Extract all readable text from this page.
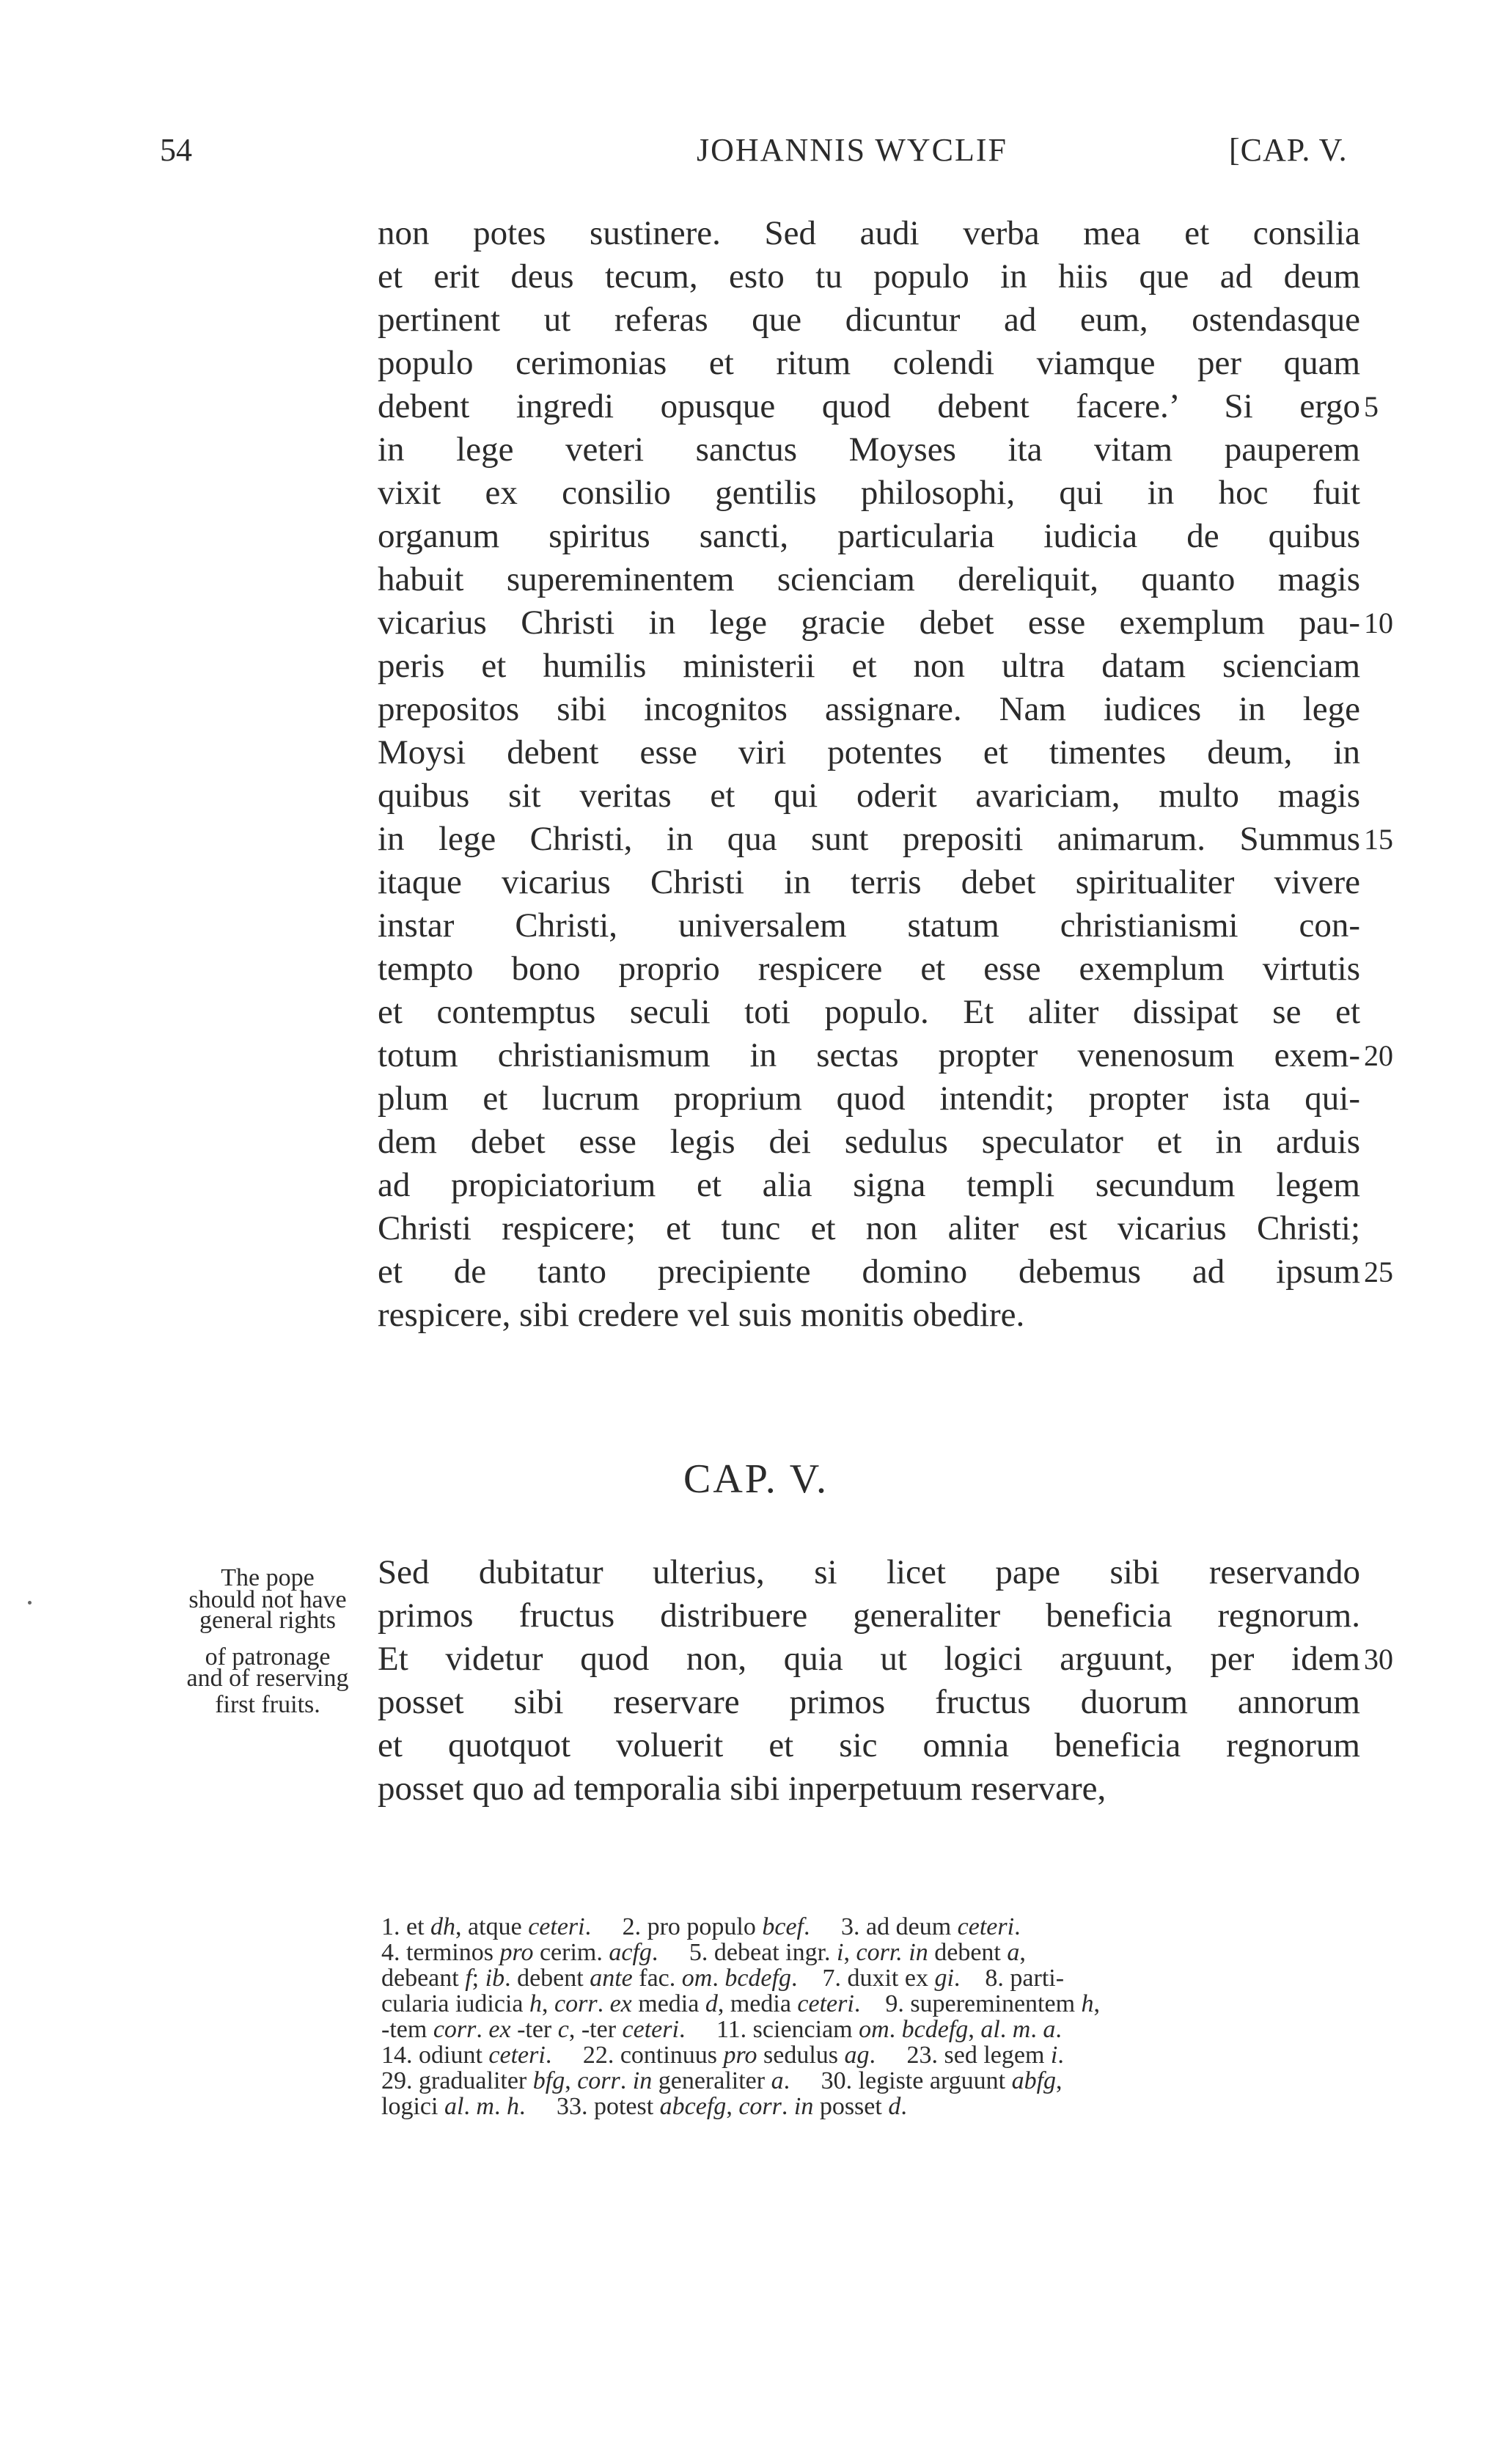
54	JOHANNIS WYCLIF	[CAP. V.
non potes sustinere. Sed audi verba mea et consilia
et erit deus tecum, esto tu populo in hiis que ad deum
pertinent ut referas que dicuntur ad eum, ostendasque
populo cerimonias et ritum colendi viamque per quam
debent ingredi opusque quod debent facere.’ Si ergo
in lege veteri sanctus Moyses ita vitam pauperem
vixit ex consilio gentilis philosophi, qui in hoc fuit
organum spiritus sancti, particularia iudicia de quibus
habuit supereminentem scienciam dereliquit, quanto magis
vicarius Christi in lege gracie debet esse exemplum pau-
peris et humilis ministerii et non ultra datam scienciam
prepositos sibi incognitos assignare. Nam iudices in lege
Moysi debent esse viri potentes et timentes deum, in
quibus sit veritas et qui oderit avariciam, multo magis
in lege Christi, in qua sunt prepositi animarum. Summus
itaque vicarius Christi in terris debet spiritualiter vivere
instar Christi, universalem statum christianismi con-
tempto bono proprio respicere et esse exemplum virtutis
et contemptus seculi toti populo. Et aliter dissipat se et
totum christianismum in sectas propter venenosum exem-
plum et lucrum proprium quod intendit; propter ista qui-
dem debet esse legis dei sedulus speculator et in arduis
ad propiciatorium et alia signa templi secundum legem
Christi respicere; et tunc et non aliter est vicarius Christi;
et de tanto precipiente domino debemus ad ipsum
respicere, sibi credere vel suis monitis obedire.
5
10
15
20
25
CAP. V.
The pope
should not have
general rights
of patronage
and of reserving
first fruits.
Sed dubitatur ulterius, si licet pape sibi reservando
primos fructus distribuere generaliter beneficia regnorum.
Et videtur quod non, quia ut logici arguunt, per idem
posset sibi reservare primos fructus duorum annorum
et quotquot voluerit et sic omnia beneficia regnorum
posset quo ad temporalia sibi inperpetuum reservare,
30
1. et dh, atque ceteri.     2. pro populo bcef.     3. ad deum ceteri.
4. terminos pro cerim. acfg.     5. debeat ingr. i, corr. in debent a,
debeant f; ib. debent ante fac. om. bcdefg.    7. duxit ex gi.    8. parti-
cularia iudicia h, corr. ex media d, media ceteri.    9. supereminentem h,
-tem corr. ex -ter c, -ter ceteri.     11. scienciam om. bcdefg, al. m. a.
14. odiunt ceteri.     22. continuus pro sedulus ag.     23. sed legem i.
29. gradualiter bfg, corr. in generaliter a.     30. legiste arguunt abfg,
logici al. m. h.     33. potest abcefg, corr. in posset d.
